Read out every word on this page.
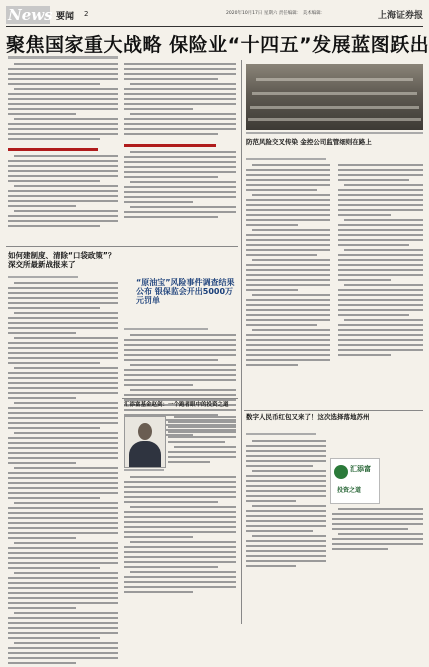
News 要闻 2	2020年10月17日 星期六 责任编辑： 美术编辑：	上海证券报
聚焦国家重大战略 保险业“十四五”发展蓝图跃出
防范风险交叉传染 金控公司监管细则在路上
如何建制度、清除“口袋政策”？深交所最新战报来了
“原油宝”风险事件调查结果公布 银保监会开出5000万元罚单
汇添富基金赵剑：一个跑者眼中的投资之道
数字人民币红包又来了！这次选择落地苏州
汇添富
投资之道
